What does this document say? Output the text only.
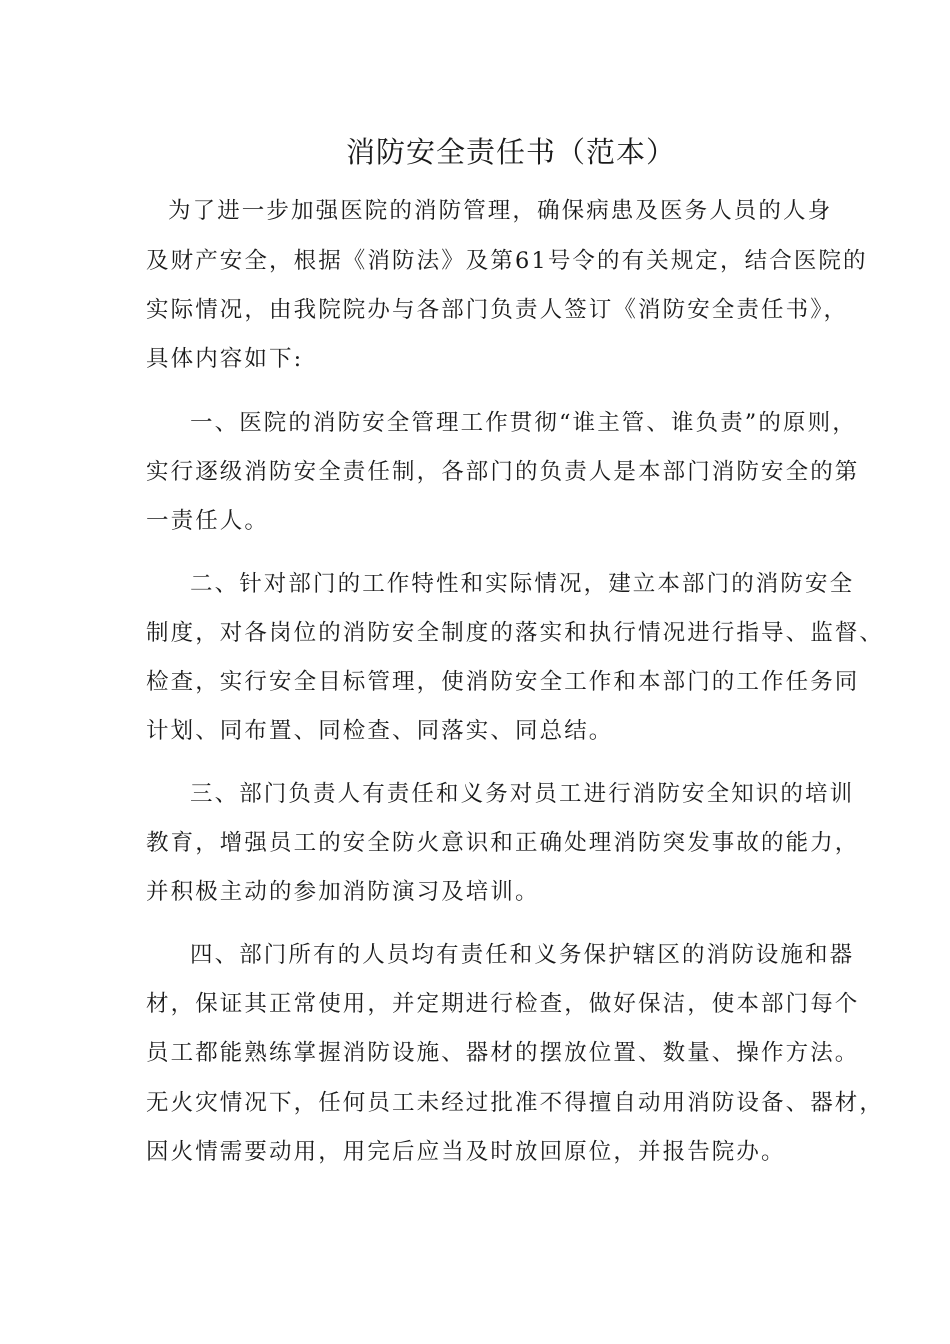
消防安全责任书（范本）
为了进一步加强医院的消防管理，确保病患及医务人员的人身
及财产安全，根据《消防法》及第61号令的有关规定，结合医院的
实际情况，由我院院办与各部门负责人签订《消防安全责任书》，
具体内容如下:
一、医院的消防安全管理工作贯彻“谁主管、谁负责”的原则，
实行逐级消防安全责任制，各部门的负责人是本部门消防安全的第
一责任人。
二、针对部门的工作特性和实际情况，建立本部门的消防安全
制度，对各岗位的消防安全制度的落实和执行情况进行指导、监督、
检查，实行安全目标管理，使消防安全工作和本部门的工作任务同
计划、同布置、同检查、同落实、同总结。
三、部门负责人有责任和义务对员工进行消防安全知识的培训
教育，增强员工的安全防火意识和正确处理消防突发事故的能力，
并积极主动的参加消防演习及培训。
四、部门所有的人员均有责任和义务保护辖区的消防设施和器
材，保证其正常使用，并定期进行检查，做好保洁，使本部门每个
员工都能熟练掌握消防设施、器材的摆放位置、数量、操作方法。
无火灾情况下，任何员工未经过批准不得擅自动用消防设备、器材，
因火情需要动用，用完后应当及时放回原位，并报告院办。
